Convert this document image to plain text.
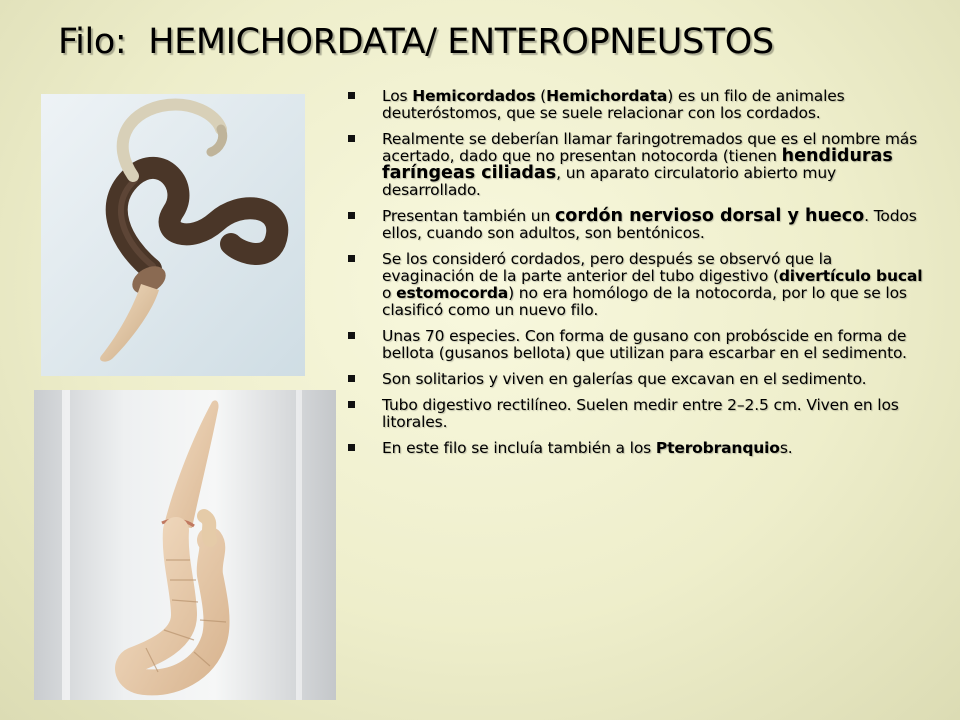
Filo: HEMICHORDATA/ ENTEROPNEUSTOS
Los Hemicordados (Hemichordata) es un filo de animales deuteróstomos, que se suele relacionar con los cordados.
Realmente se deberían llamar faringotremados que es el nombre más acertado, dado que no presentan notocorda (tienen hendiduras faríngeas ciliadas, un aparato circulatorio abierto muy desarrollado.
Presentan también un cordón nervioso dorsal y hueco. Todos ellos, cuando son adultos, son bentónicos.
Se los consideró cordados, pero después se observó que la evaginación de la parte anterior del tubo digestivo (divertículo bucal o estomocorda) no era homólogo de la notocorda, por lo que se los clasificó como un nuevo filo.
Unas 70 especies. Con forma de gusano con probóscide en forma de bellota (gusanos bellota) que utilizan para escarbar en el sedimento.
Son solitarios y viven en galerías que excavan en el sedimento.
Tubo digestivo rectilíneo. Suelen medir entre 2–2.5 cm. Viven en los litorales.
En este filo se incluía también a los Pterobranquios.
